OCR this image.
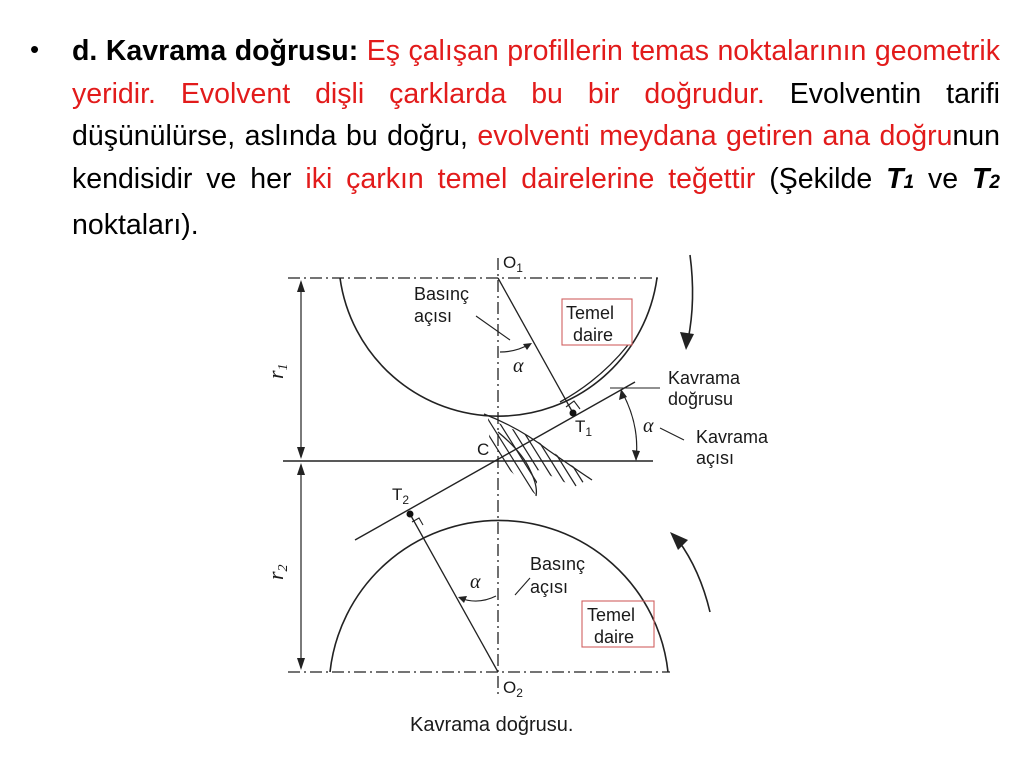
• d. Kavrama doğrusu: Eş çalışan profillerin temas noktalarının geometrik yeridir. Evolvent dişli çarklarda bu bir doğrudur. Evolventin tarifi düşünülürse, aslında bu doğru, evolventi meydana getiren ana doğrunun kendisidir ve her iki çarkın temel dairelerine teğettir (Şekilde T1 ve T2 noktaları).

$O_1$
$O_2$
C
$T_1$
$T_2$
r1
r2
α
α
α
Basınç
açısı
Basınç
açısı
Temel
daire
Temel
daire
Kavrama
doğrusu
Kavrama
açısı
Kavrama doğrusu.
